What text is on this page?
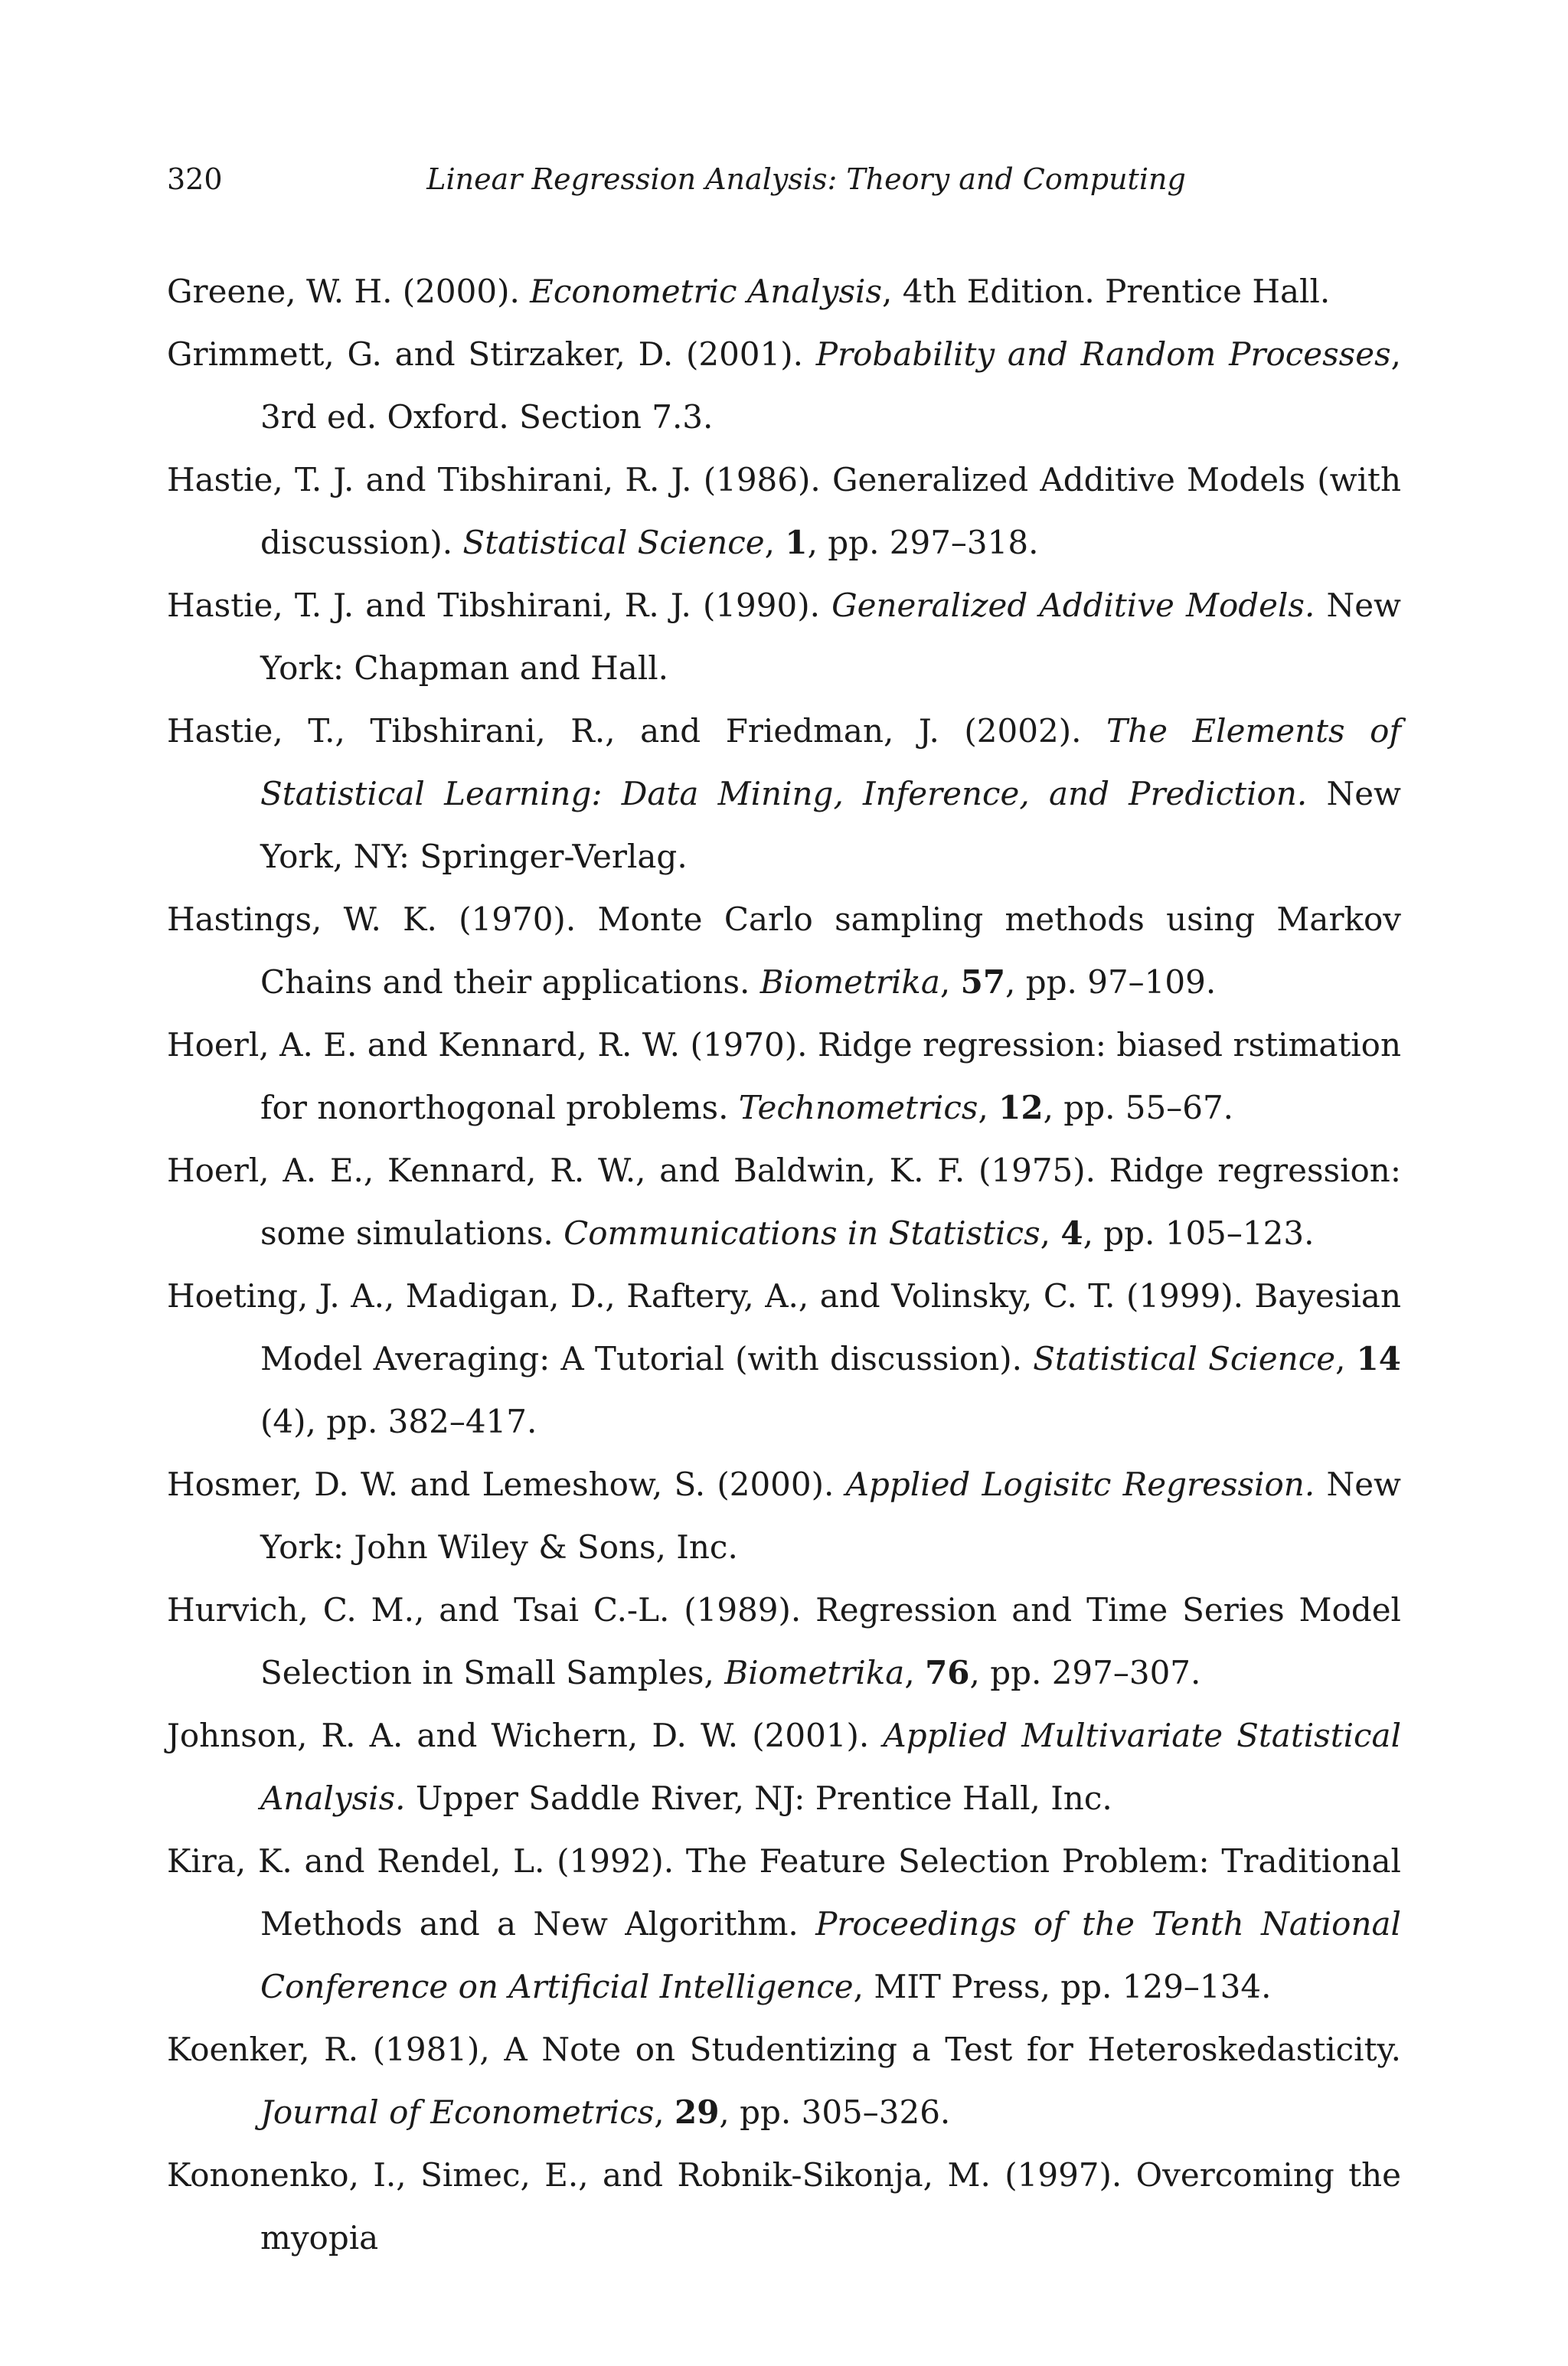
320	Linear Regression Analysis: Theory and Computing

Greene, W. H. (2000). Econometric Analysis, 4th Edition. Prentice Hall.

Grimmett, G. and Stirzaker, D. (2001). Probability and Random Processes, 3rd ed. Oxford. Section 7.3.

Hastie, T. J. and Tibshirani, R. J. (1986). Generalized Additive Models (with discussion). Statistical Science, 1, pp. 297–318.

Hastie, T. J. and Tibshirani, R. J. (1990). Generalized Additive Models. New York: Chapman and Hall.

Hastie, T., Tibshirani, R., and Friedman, J. (2002). The Elements of Statistical Learning: Data Mining, Inference, and Prediction. New York, NY: Springer-Verlag.

Hastings, W. K. (1970). Monte Carlo sampling methods using Markov Chains and their applications. Biometrika, 57, pp. 97–109.

Hoerl, A. E. and Kennard, R. W. (1970). Ridge regression: biased rstimation for nonorthogonal problems. Technometrics, 12, pp. 55–67.

Hoerl, A. E., Kennard, R. W., and Baldwin, K. F. (1975). Ridge regression: some simulations. Communications in Statistics, 4, pp. 105–123.

Hoeting, J. A., Madigan, D., Raftery, A., and Volinsky, C. T. (1999). Bayesian Model Averaging: A Tutorial (with discussion). Statistical Science, 14 (4), pp. 382–417.

Hosmer, D. W. and Lemeshow, S. (2000). Applied Logisitc Regression. New York: John Wiley & Sons, Inc.

Hurvich, C. M., and Tsai C.-L. (1989). Regression and Time Series Model Selection in Small Samples, Biometrika, 76, pp. 297–307.

Johnson, R. A. and Wichern, D. W. (2001). Applied Multivariate Statistical Analysis. Upper Saddle River, NJ: Prentice Hall, Inc.

Kira, K. and Rendel, L. (1992). The Feature Selection Problem: Traditional Methods and a New Algorithm. Proceedings of the Tenth National Conference on Artificial Intelligence, MIT Press, pp. 129–134.

Koenker, R. (1981), A Note on Studentizing a Test for Heteroskedasticity. Journal of Econometrics, 29, pp. 305–326.

Kononenko, I., Simec, E., and Robnik-Sikonja, M. (1997). Overcoming the myopia
